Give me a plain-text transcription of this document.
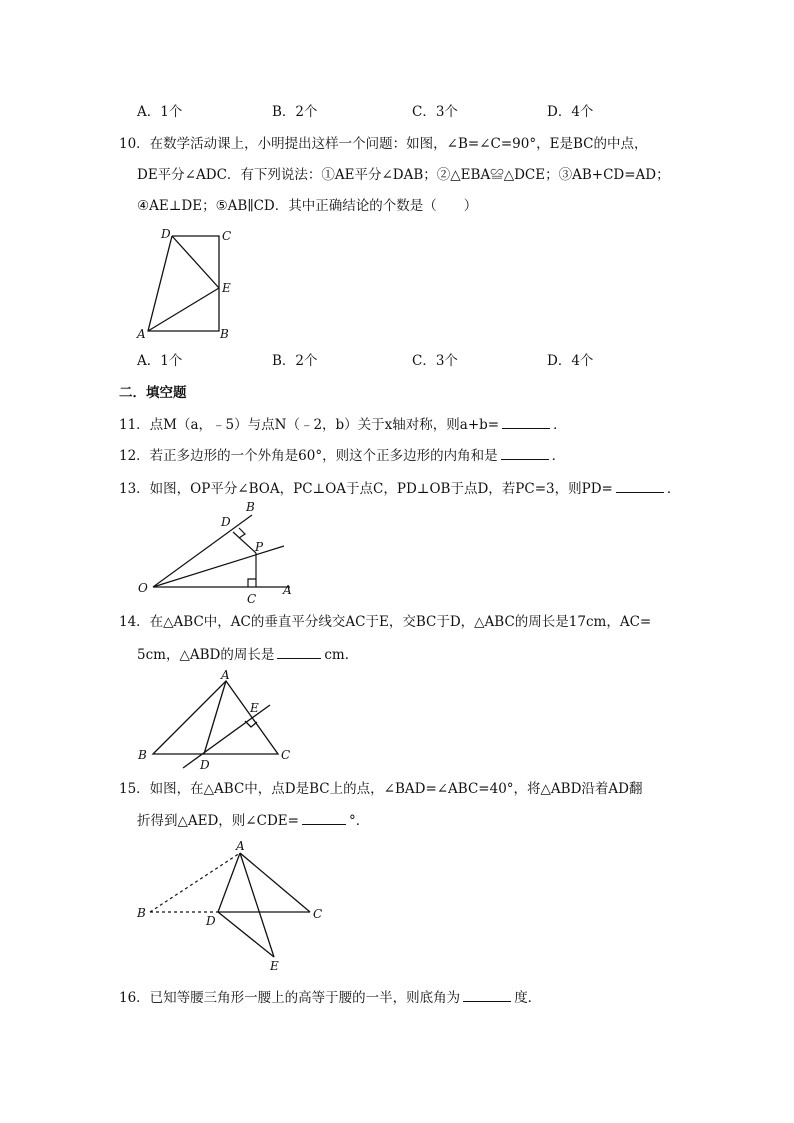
A．1个	B．2个	C．3个	D．4个
10．在数学活动课上，小明提出这样一个问题：如图，∠B=∠C=90°，E是BC的中点，
DE平分∠ADC．有下列说法：①AE平分∠DAB；②△EBA≌△DCE；③AB+CD=AD；
④AE⊥DE；⑤AB∥CD．其中正确结论的个数是（　　）
D	C
E
A	B
A．1个	B．2个	C．3个	D．4个
二．填空题
11．点M（a，﹣5）与点N（﹣2，b）关于x轴对称，则a+b=	．
12．若正多边形的一个外角是60°，则这个正多边形的内角和是	．
13．如图，OP平分∠BOA，PC⊥OA于点C，PD⊥OB于点D，若PC=3，则PD=	．
B
D
P
O
C
A
14．在△ABC中，AC的垂直平分线交AC于E，交BC于D，△ABC的周长是17cm，AC=
5cm，△ABD的周长是	cm．
A
E
B
D
C
15．如图，在△ABC中，点D是BC上的点，∠BAD=∠ABC=40°，将△ABD沿着AD翻
折得到△AED，则∠CDE=	°．
A
B
D	C
E
16．已知等腰三角形一腰上的高等于腰的一半，则底角为	度．
